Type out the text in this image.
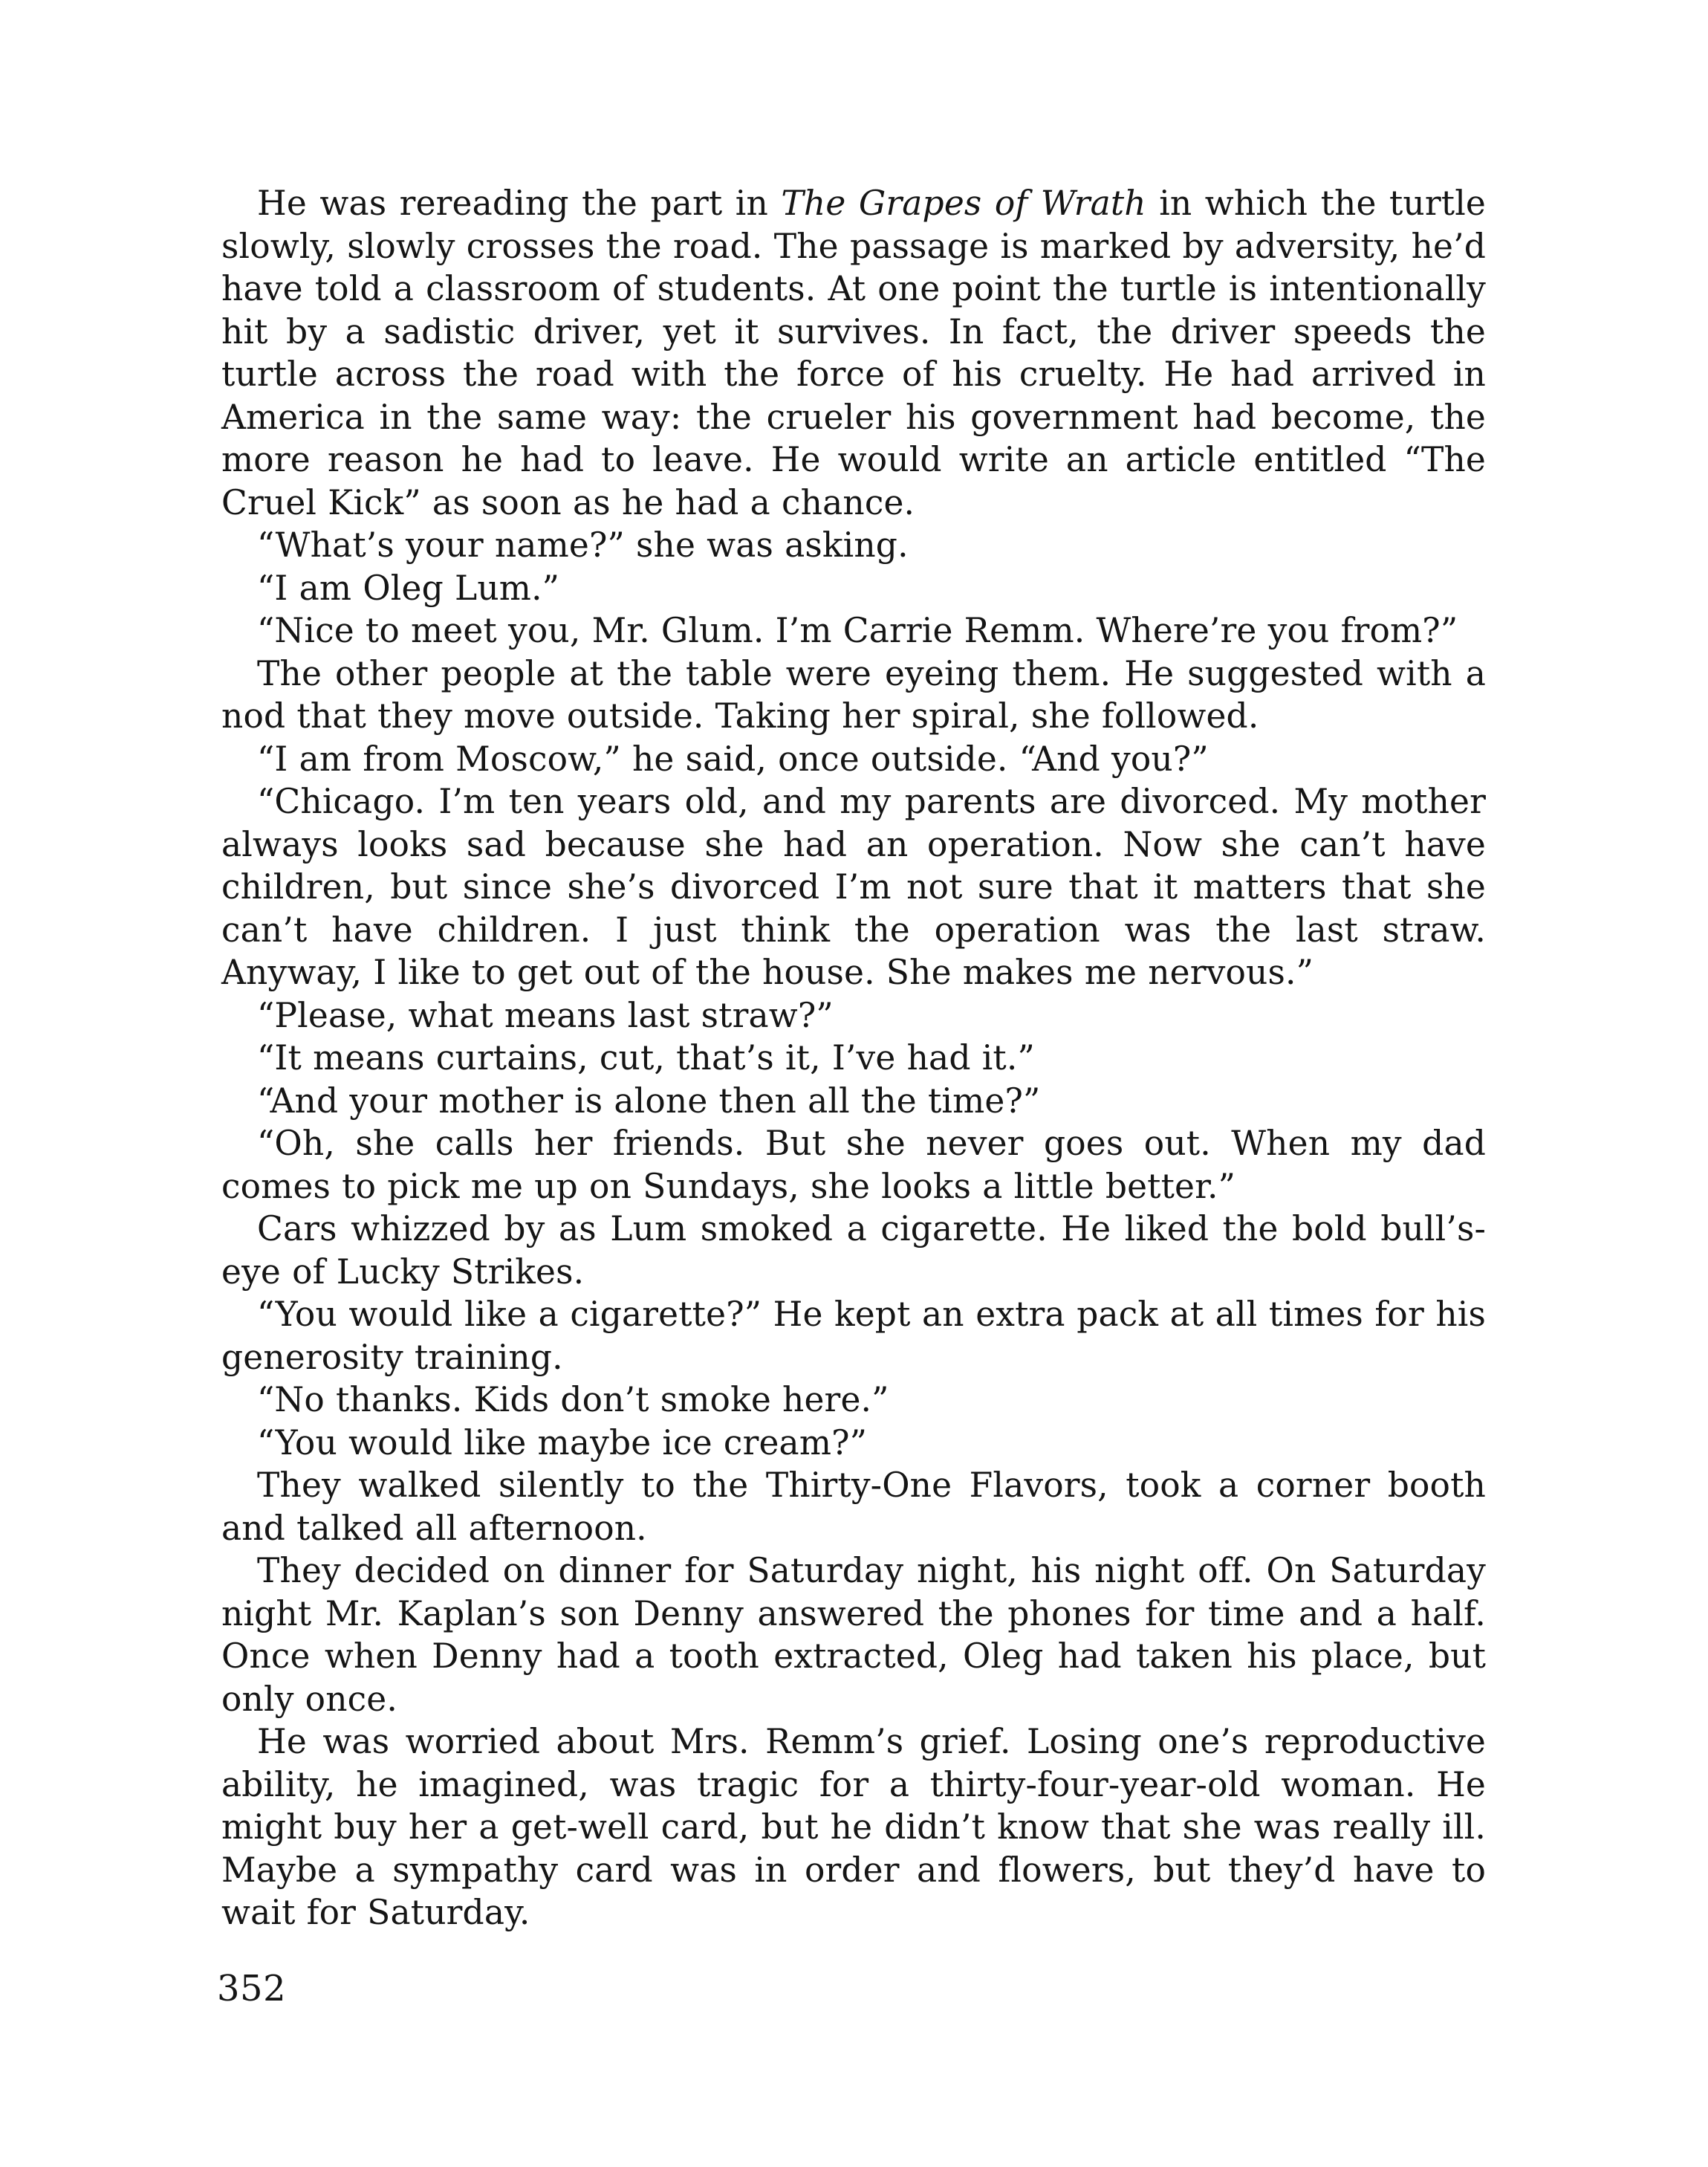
He was rereading the part in The Grapes of Wrath in which the turtle slowly, slowly crosses the road. The passage is marked by adversity, he’d have told a classroom of students. At one point the turtle is intentionally hit by a sadistic driver, yet it survives. In fact, the driver speeds the turtle across the road with the force of his cruelty. He had arrived in America in the same way: the crueler his government had become, the more reason he had to leave. He would write an article entitled “The Cruel Kick” as soon as he had a chance.

“What’s your name?” she was asking.

“I am Oleg Lum.”

“Nice to meet you, Mr. Glum. I’m Carrie Remm. Where’re you from?”

The other people at the table were eyeing them. He suggested with a nod that they move outside. Taking her spiral, she followed.

“I am from Moscow,” he said, once outside. “And you?”

“Chicago. I’m ten years old, and my parents are divorced. My mother always looks sad because she had an operation. Now she can’t have children, but since she’s divorced I’m not sure that it matters that she can’t have children. I just think the operation was the last straw. Anyway, I like to get out of the house. She makes me nervous.”

“Please, what means last straw?”

“It means curtains, cut, that’s it, I’ve had it.”

“And your mother is alone then all the time?”

“Oh, she calls her friends. But she never goes out. When my dad comes to pick me up on Sundays, she looks a little better.”

Cars whizzed by as Lum smoked a cigarette. He liked the bold bull’s-eye of Lucky Strikes.

“You would like a cigarette?” He kept an extra pack at all times for his generosity training.

“No thanks. Kids don’t smoke here.”

“You would like maybe ice cream?”

They walked silently to the Thirty-One Flavors, took a corner booth and talked all afternoon.

They decided on dinner for Saturday night, his night off. On Saturday night Mr. Kaplan’s son Denny answered the phones for time and a half. Once when Denny had a tooth extracted, Oleg had taken his place, but only once.

He was worried about Mrs. Remm’s grief. Losing one’s reproductive ability, he imagined, was tragic for a thirty-four-year-old woman. He might buy her a get-well card, but he didn’t know that she was really ill. Maybe a sympathy card was in order and flowers, but they’d have to wait for Saturday.

352
